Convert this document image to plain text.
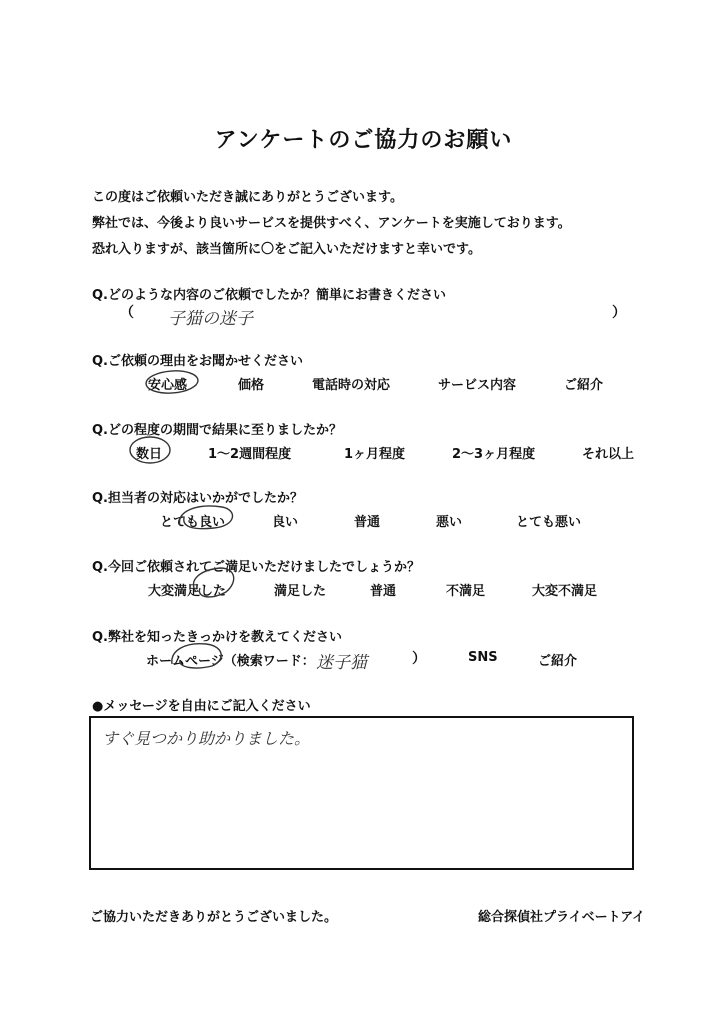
アンケートのご協力のお願い
この度はご依頼いただき誠にありがとうございます。
弊社では、今後より良いサービスを提供すべく、アンケートを実施しております。
恐れ入りますが、該当箇所に〇をご記入いただけますと幸いです。
Q.どのような内容のご依頼でしたか？簡単にお書きください
（ 子猫の迷子	）
Q.ご依頼の理由をお聞かせください
安心感	価格	電話時の対応	サービス内容	ご紹介
Q.どの程度の期間で結果に至りましたか？
数日	1～2週間程度	1ヶ月程度	2～3ヶ月程度	それ以上
Q.担当者の対応はいかがでしたか？
とても良い	良い	普通	悪い	とても悪い
Q.今回ご依頼されてご満足いただけましたでしょうか？
大変満足した	満足した	普通	不満足	大変不満足
Q.弊社を知ったきっかけを教えてください
ホームページ（検索ワード： 迷子猫	）	SNS	ご紹介
●メッセージを自由にご記入ください
すぐ見つかり助かりました。
ご協力いただきありがとうございました。	総合探偵社プライベートアイ
